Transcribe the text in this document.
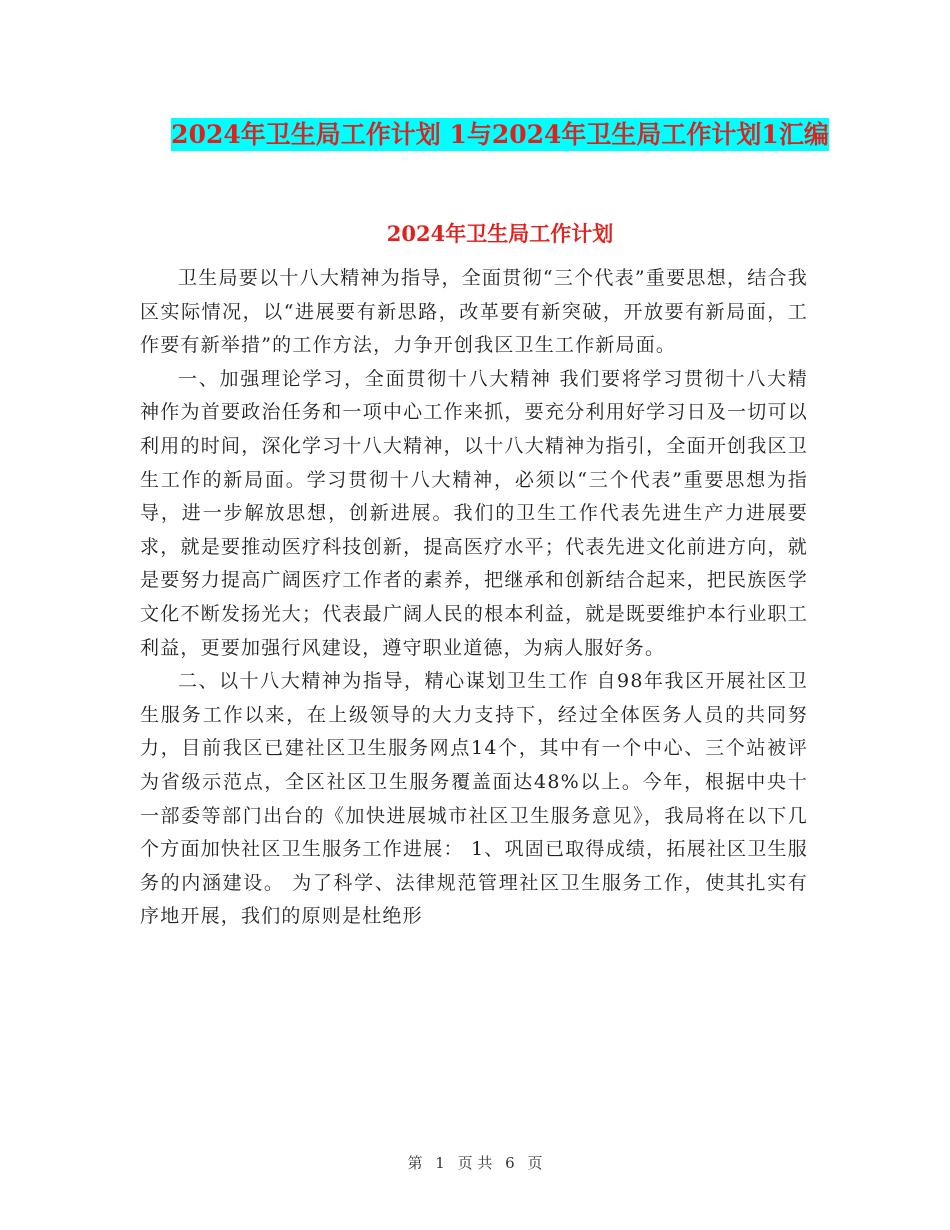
2024年卫生局工作计划 1与2024年卫生局工作计划1汇编
2024年卫生局工作计划

卫生局要以十八大精神为指导，全面贯彻“三个代表”重要思想，结合我区实际情况，以“进展要有新思路，改革要有新突破，开放要有新局面，工作要有新举措”的工作方法，力争开创我区卫生工作新局面。

一、加强理论学习，全面贯彻十八大精神 我们要将学习贯彻十八大精神作为首要政治任务和一项中心工作来抓，要充分利用好学习日及一切可以利用的时间，深化学习十八大精神，以十八大精神为指引，全面开创我区卫生工作的新局面。学习贯彻十八大精神，必须以“三个代表”重要思想为指导，进一步解放思想，创新进展。我们的卫生工作代表先进生产力进展要求，就是要推动医疗科技创新，提高医疗水平；代表先进文化前进方向，就是要努力提高广阔医疗工作者的素养，把继承和创新结合起来，把民族医学文化不断发扬光大；代表最广阔人民的根本利益，就是既要维护本行业职工利益，更要加强行风建设，遵守职业道德，为病人服好务。

二、以十八大精神为指导，精心谋划卫生工作 自98年我区开展社区卫生服务工作以来，在上级领导的大力支持下，经过全体医务人员的共同努力，目前我区已建社区卫生服务网点14个，其中有一个中心、三个站被评为省级示范点，全区社区卫生服务覆盖面达48%以上。今年，根据中央十一部委等部门出台的《加快进展城市社区卫生服务意见》，我局将在以下几个方面加快社区卫生服务工作进展： 1、巩固已取得成绩，拓展社区卫生服务的内涵建设。 为了科学、法律规范管理社区卫生服务工作，使其扎实有序地开展，我们的原则是杜绝形

第 1 页 共 6 页
